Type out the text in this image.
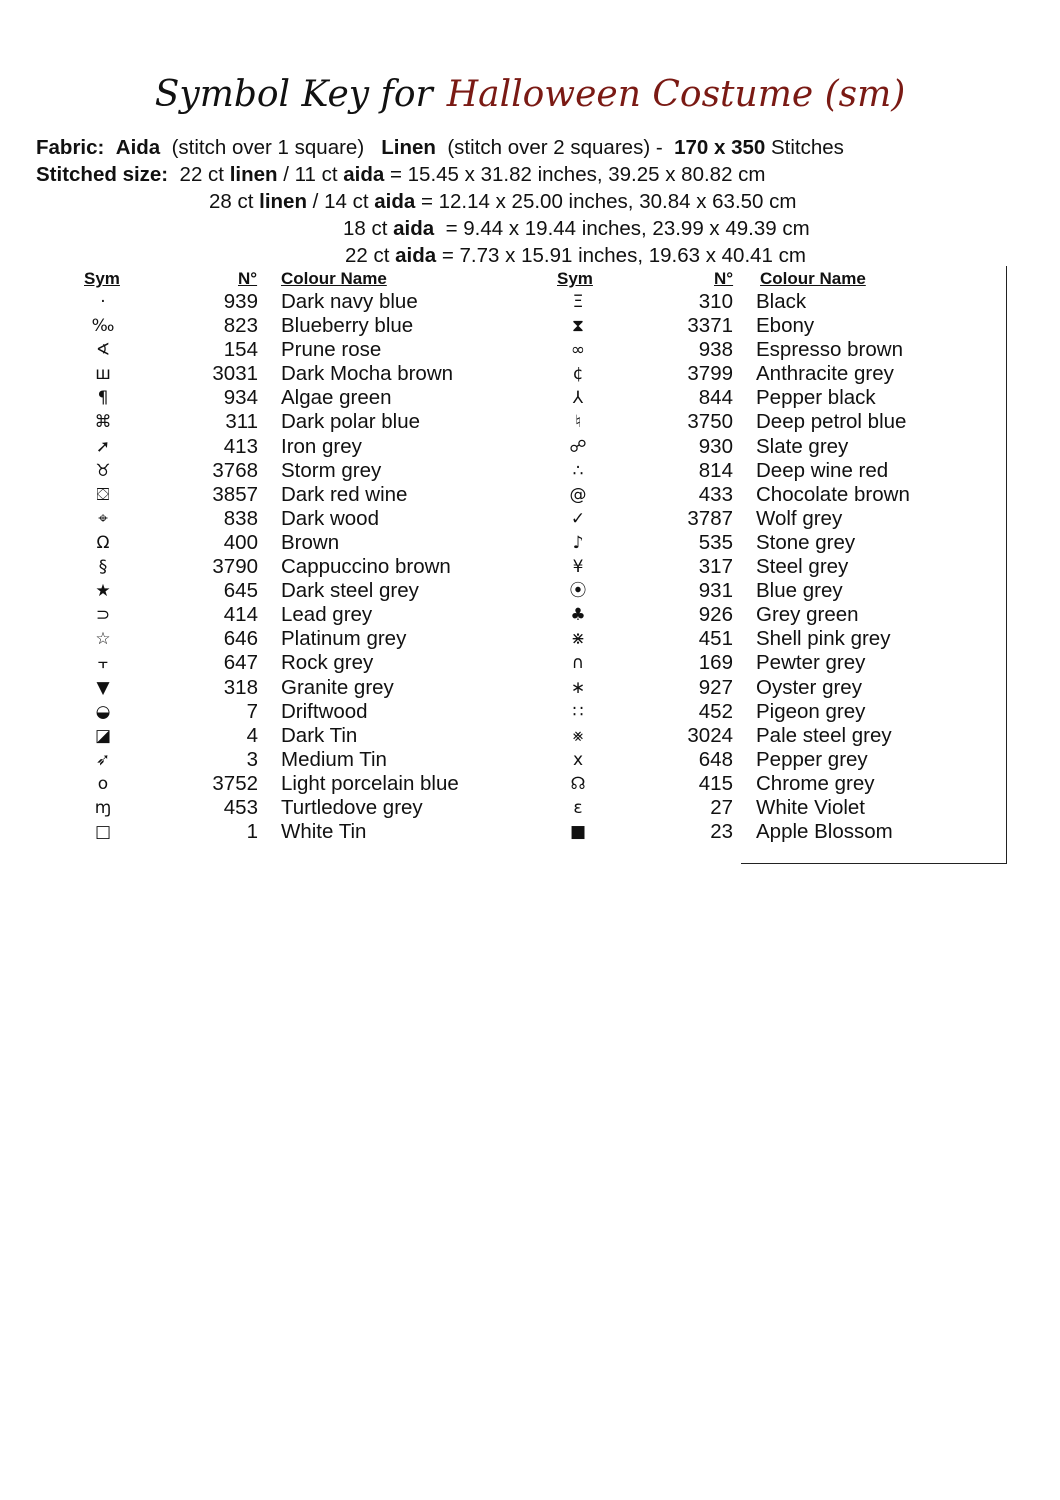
Symbol Key for Halloween Costume (sm)
Fabric: Aida (stitch over 1 square) Linen (stitch over 2 squares) - 170 x 350 Stitches
Stitched size: 22 ct linen / 11 ct aida = 15.45 x 31.82 inches, 39.25 x 80.82 cm
28 ct linen / 14 ct aida = 12.14 x 25.00 inches, 30.84 x 63.50 cm
18 ct aida  = 9.44 x 19.44 inches, 23.99 x 49.39 cm
22 ct aida = 7.73 x 15.91 inches, 19.63 x 40.41 cm
Sym	N° Colour Name	Sym	N° Colour Name
·	939 Dark navy blue
‰	823 Blueberry blue
∢	154 Prune rose
ш	3031 Dark Mocha brown
¶	934 Algae green
⌘	311 Dark polar blue
➚	413 Iron grey
♉	3768 Storm grey
⛋	3857 Dark red wine
⌖	838 Dark wood
Ω	400 Brown
§	3790 Cappuccino brown
★	645 Dark steel grey
⊃	414 Lead grey
☆	646 Platinum grey
⫟	647 Rock grey
▼	318 Granite grey
◒	7 Driftwood
◪	4 Dark Tin
➶	3 Medium Tin
o	3752 Light porcelain blue
ɱ	453 Turtledove grey
□	1 White Tin
Ξ	310 Black
⧗	3371 Ebony
∞	938 Espresso brown
¢	3799 Anthracite grey
⅄	844 Pepper black
♮	3750 Deep petrol blue
☍	930 Slate grey
∴	814 Deep wine red
@	433 Chocolate brown
✓	3787 Wolf grey
♪	535 Stone grey
¥	317 Steel grey
⦿	931 Blue grey
♣	926 Grey green
⋇	451 Shell pink grey
∩	169 Pewter grey
∗	927 Oyster grey
∷	452 Pigeon grey
⨳	3024 Pale steel grey
x	648 Pepper grey
☊	415 Chrome grey
ɛ	27 White Violet
■	23 Apple Blossom
